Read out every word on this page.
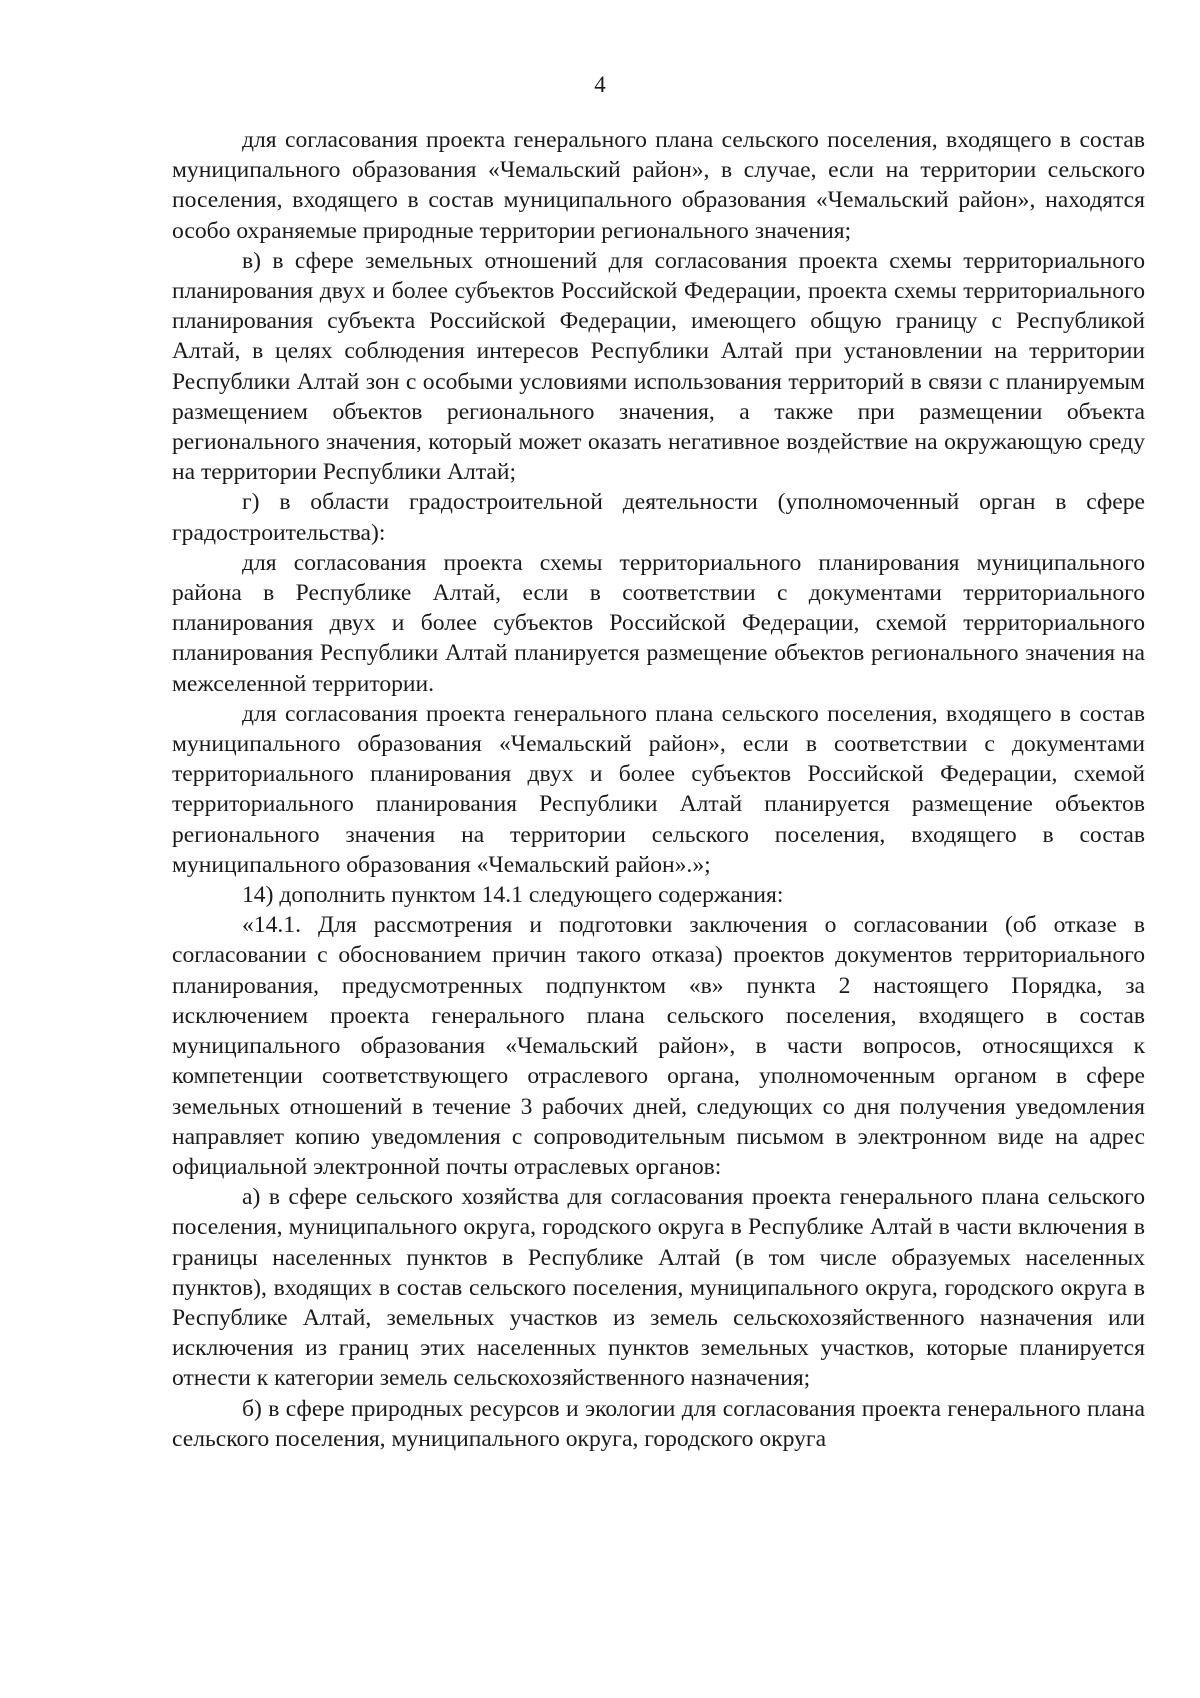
4

для согласования проекта генерального плана сельского поселения, входящего в состав муниципального образования «Чемальский район», в случае, если на территории сельского поселения, входящего в состав муниципального образования «Чемальский район», находятся особо охраняемые природные территории регионального значения;

в) в сфере земельных отношений для согласования проекта схемы территориального планирования двух и более субъектов Российской Федерации, проекта схемы территориального планирования субъекта Российской Федерации, имеющего общую границу с Республикой Алтай, в целях соблюдения интересов Республики Алтай при установлении на территории Республики Алтай зон с особыми условиями использования территорий в связи с планируемым размещением объектов регионального значения, а также при размещении объекта регионального значения, который может оказать негативное воздействие на окружающую среду на территории Республики Алтай;

г) в области градостроительной деятельности (уполномоченный орган в сфере градостроительства):

для согласования проекта схемы территориального планирования муниципального района в Республике Алтай, если в соответствии с документами территориального планирования двух и более субъектов Российской Федерации, схемой территориального планирования Республики Алтай планируется размещение объектов регионального значения на межселенной территории.

для согласования проекта генерального плана сельского поселения, входящего в состав муниципального образования «Чемальский район», если в соответствии с документами территориального планирования двух и более субъектов Российской Федерации, схемой территориального планирования Республики Алтай планируется размещение объектов регионального значения на территории сельского поселения, входящего в состав муниципального образования «Чемальский район».»;

14) дополнить пунктом 14.1 следующего содержания:

«14.1. Для рассмотрения и подготовки заключения о согласовании (об отказе в согласовании с обоснованием причин такого отказа) проектов документов территориального планирования, предусмотренных подпунктом «в» пункта 2 настоящего Порядка, за исключением проекта генерального плана сельского поселения, входящего в состав муниципального образования «Чемальский район», в части вопросов, относящихся к компетенции соответствующего отраслевого органа, уполномоченным органом в сфере земельных отношений в течение 3 рабочих дней, следующих со дня получения уведомления направляет копию уведомления с сопроводительным письмом в электронном виде на адрес официальной электронной почты отраслевых органов:

а) в сфере сельского хозяйства для согласования проекта генерального плана сельского поселения, муниципального округа, городского округа в Республике Алтай в части включения в границы населенных пунктов в Республике Алтай (в том числе образуемых населенных пунктов), входящих в состав сельского поселения, муниципального округа, городского округа в Республике Алтай, земельных участков из земель сельскохозяйственного назначения или исключения из границ этих населенных пунктов земельных участков, которые планируется отнести к категории земель сельскохозяйственного назначения;

б) в сфере природных ресурсов и экологии для согласования проекта генерального плана сельского поселения, муниципального округа, городского округа
